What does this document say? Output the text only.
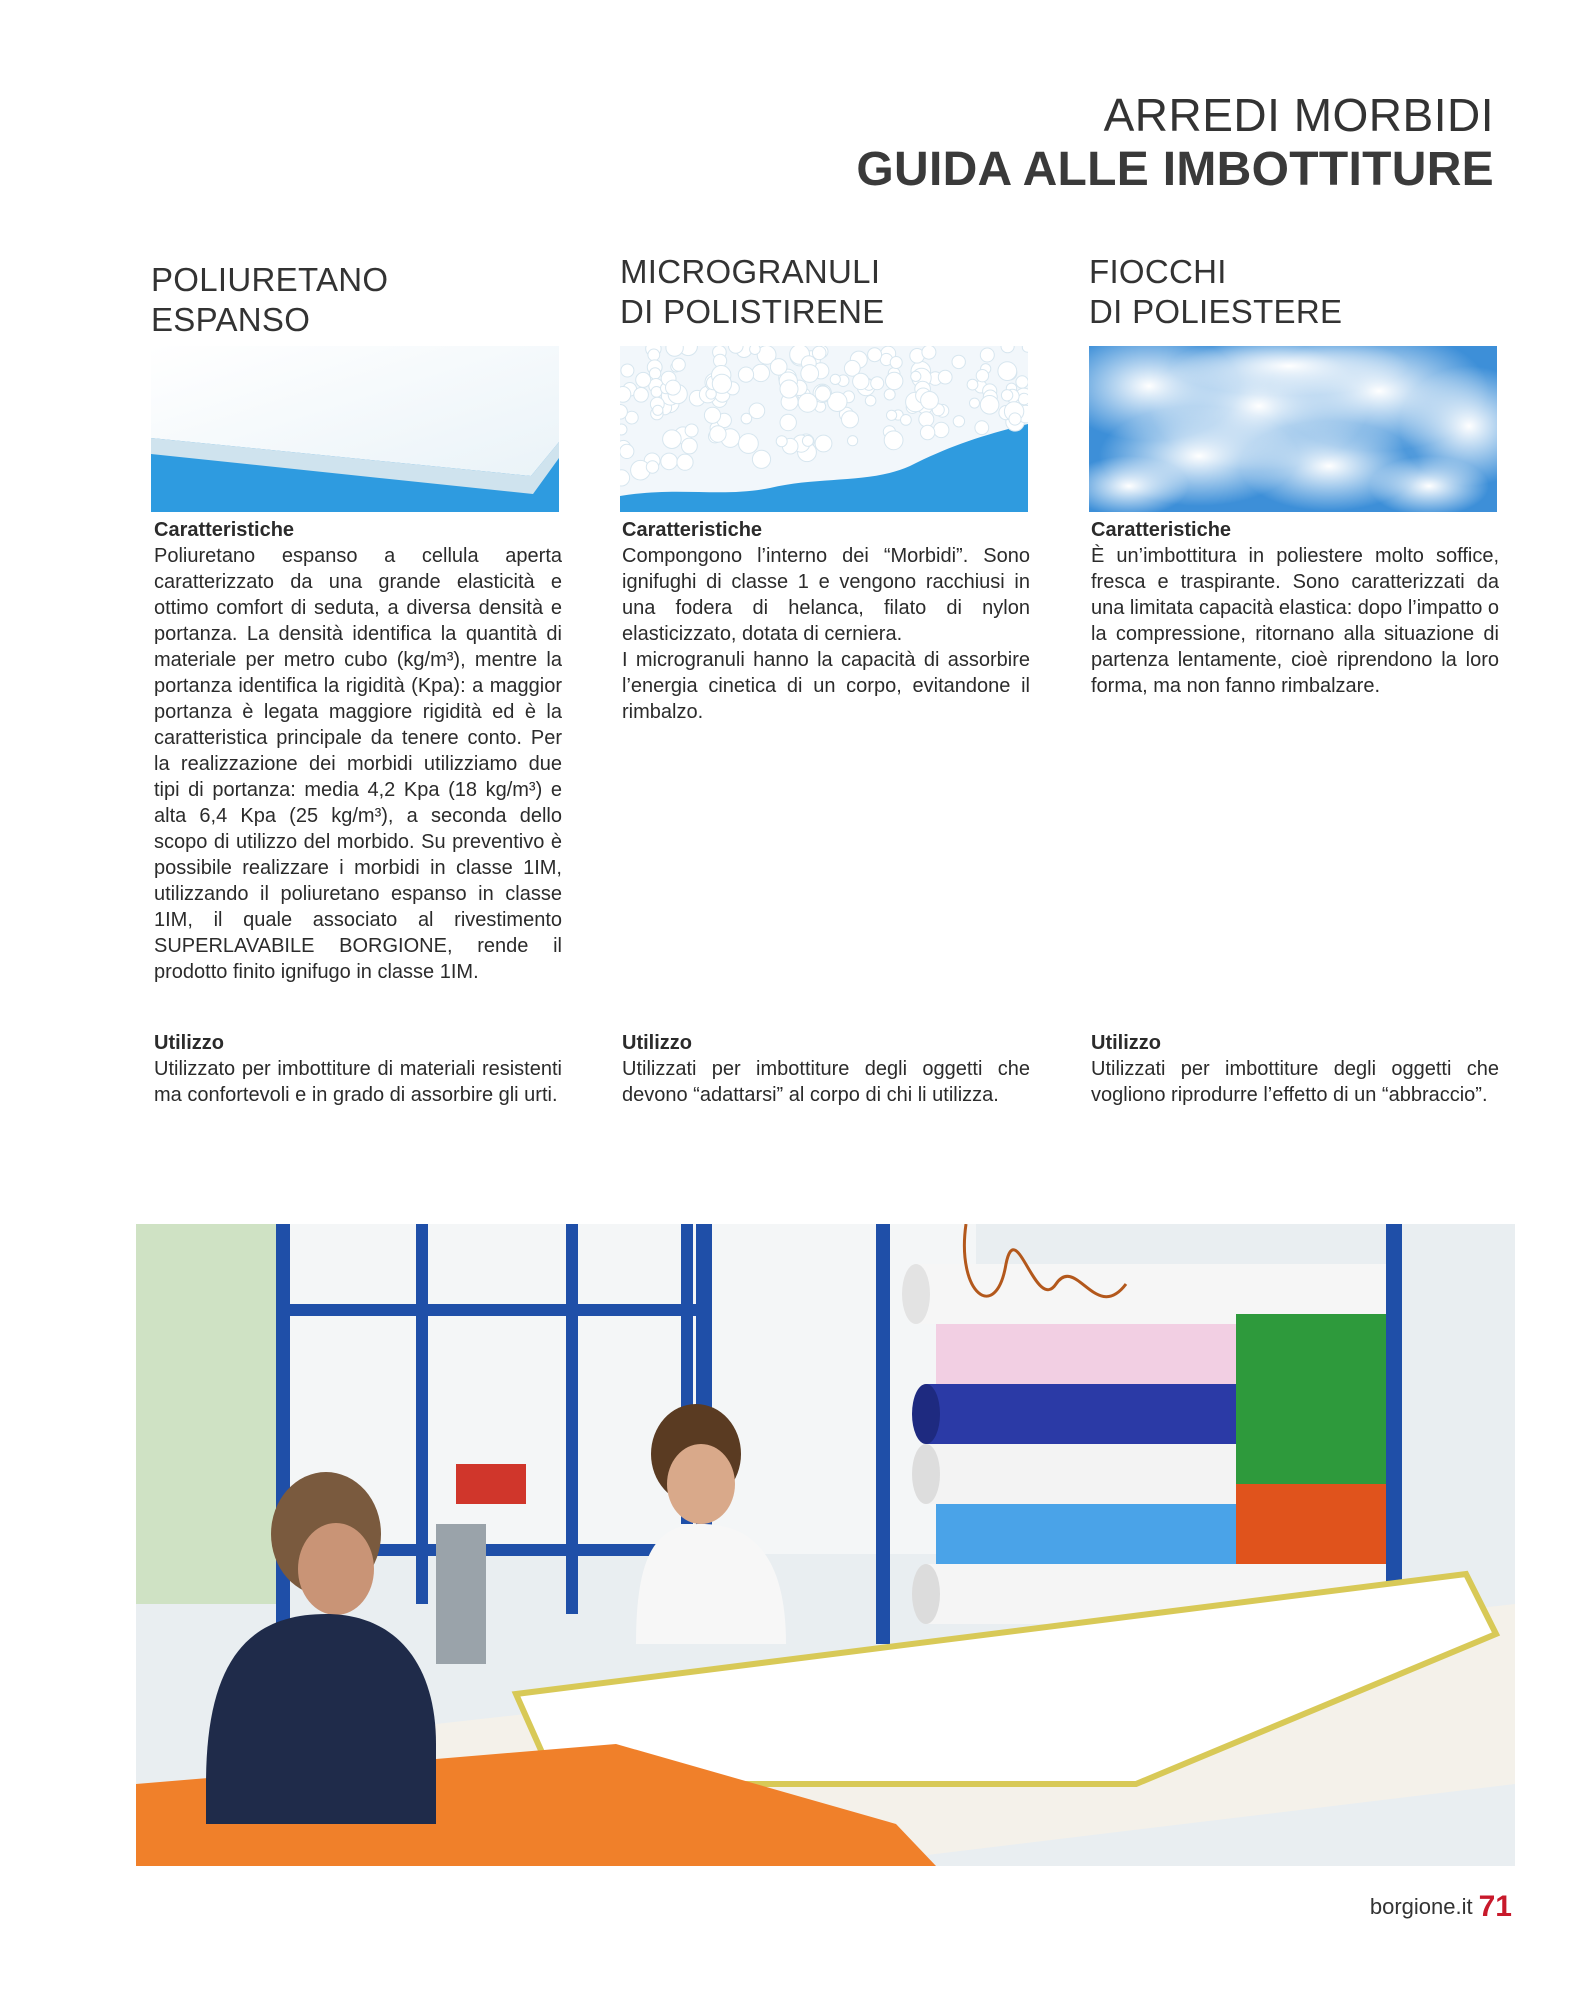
ARREDI MORBIDI
GUIDA ALLE IMBOTTITURE
POLIURETANO
ESPANSO
MICROGRANULI
DI POLISTIRENE
FIOCCHI
DI POLIESTERE

Caratteristiche

Poliuretano espanso a cellula aperta caratterizzato da una grande elasticità e ottimo comfort di seduta, a diversa densità e portanza. La densità identifica la quantità di materiale per metro cubo (kg/m³), mentre la portanza identifica la rigidità (Kpa): a maggior portanza è legata maggiore rigidità ed è la caratteristica principale da tenere conto. Per la realizzazione dei morbidi utilizziamo due tipi di portanza: media 4,2 Kpa (18 kg/m³) e alta 6,4 Kpa (25 kg/m³), a seconda dello scopo di utilizzo del morbido. Su preventivo è possibile realizzare i morbidi in classe 1IM, utilizzando il poliuretano espanso in classe 1IM, il quale associato al rivestimento SUPERLAVABILE BORGIONE, rende il prodotto finito ignifugo in classe 1IM.

Caratteristiche

Compongono l’interno dei “Morbidi”. Sono ignifughi di classe 1 e vengono racchiusi in una fodera di helanca, filato di nylon elasticizzato, dotata di cerniera.
I microgranuli hanno la capacità di assorbire l’energia cinetica di un corpo, evitandone il rimbalzo.

Caratteristiche

È un’imbottitura in poliestere molto soffice, fresca e traspirante. Sono caratterizzati da una limitata capacità elastica: dopo l’impatto o la compressione, ritornano alla situazione di partenza lentamente, cioè riprendono la loro forma, ma non fanno rimbalzare.

Utilizzo

Utilizzato per imbottiture di materiali resistenti ma confortevoli e in grado di assorbire gli urti.

Utilizzo

Utilizzati per imbottiture degli oggetti che devono “adattarsi” al corpo di chi li utilizza.

Utilizzo

Utilizzati per imbottiture degli oggetti che vogliono riprodurre l’effetto di un “abbraccio”.

borgione.it 71
